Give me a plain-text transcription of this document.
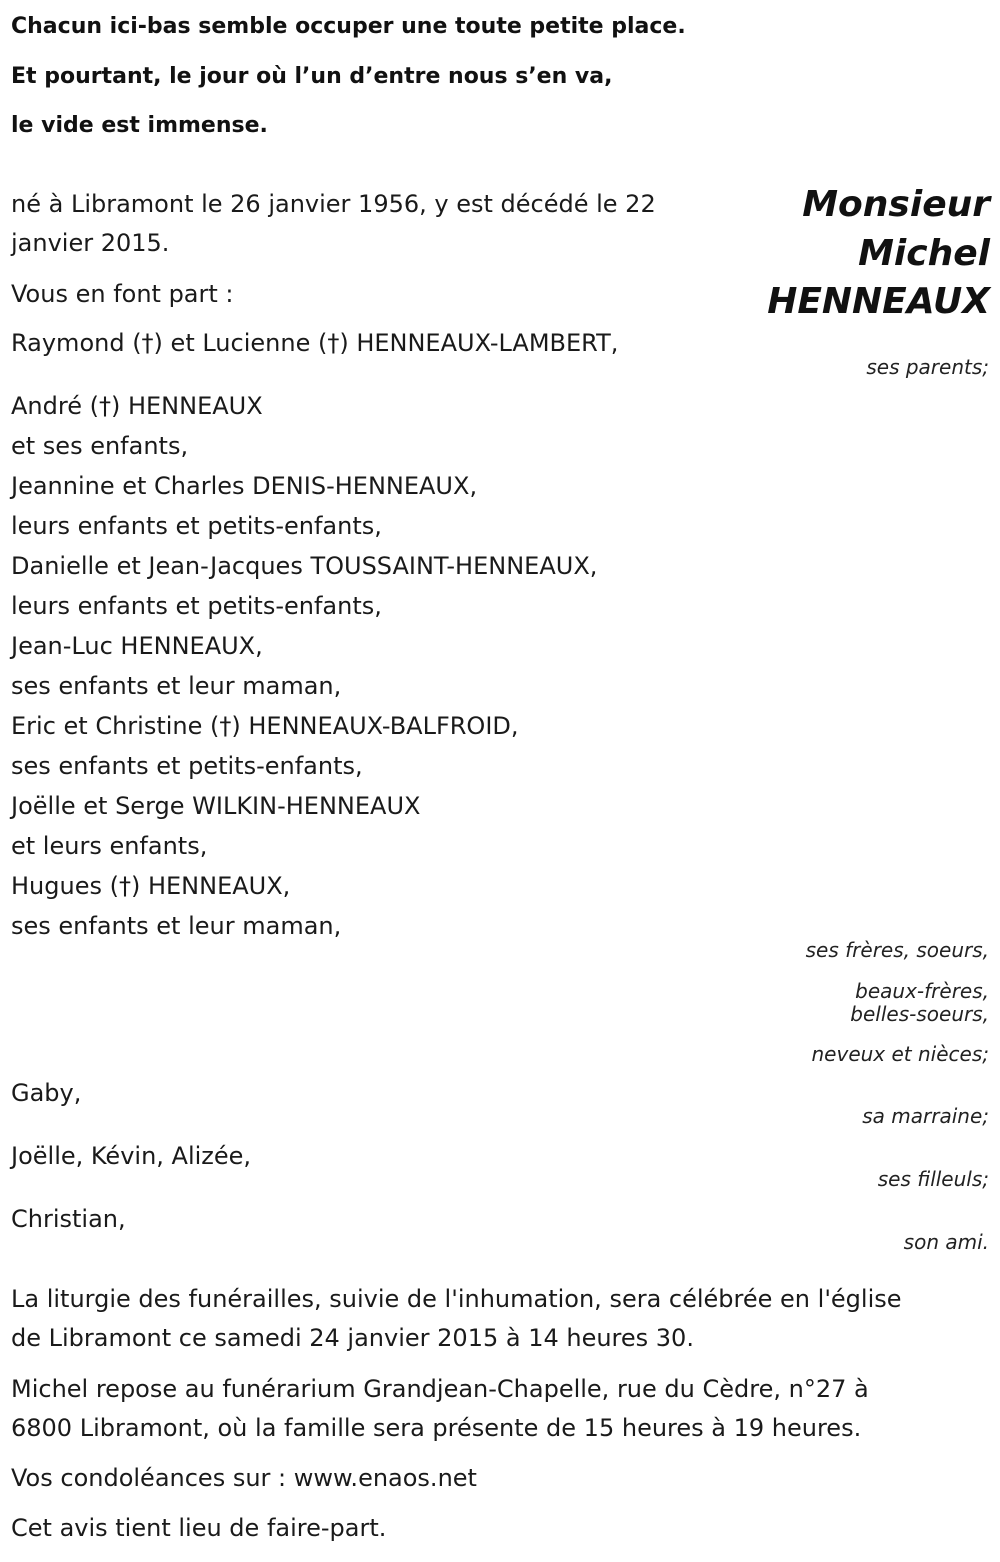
Chacun ici-bas semble occuper une toute petite place.
Et pourtant, le jour où l’un d’entre nous s’en va,
le vide est immense.
Monsieur
Michel
HENNEAUX
né à Libramont le 26 janvier 1956, y est décédé le 22
janvier 2015.
Vous en font part :
Raymond (†) et Lucienne (†) HENNEAUX-LAMBERT,
ses parents;
André (†) HENNEAUX
et ses enfants,
Jeannine et Charles DENIS-HENNEAUX,
leurs enfants et petits-enfants,
Danielle et Jean-Jacques TOUSSAINT-HENNEAUX,
leurs enfants et petits-enfants,
Jean-Luc HENNEAUX,
ses enfants et leur maman,
Eric et Christine (†) HENNEAUX-BALFROID,
ses enfants et petits-enfants,
Joëlle et Serge WILKIN-HENNEAUX
et leurs enfants,
Hugues (†) HENNEAUX,
ses enfants et leur maman,
ses frères, soeurs,
beaux-frères,
belles-soeurs,
neveux et nièces;
Gaby,
sa marraine;
Joëlle, Kévin, Alizée,
ses filleuls;
Christian,
son ami.
La liturgie des funérailles, suivie de l'inhumation, sera célébrée en l'église
de Libramont ce samedi 24 janvier 2015 à 14 heures 30.
Michel repose au funérarium Grandjean-Chapelle, rue du Cèdre, n°27 à
6800 Libramont, où la famille sera présente de 15 heures à 19 heures.
Vos condoléances sur : www.enaos.net
Cet avis tient lieu de faire-part.
